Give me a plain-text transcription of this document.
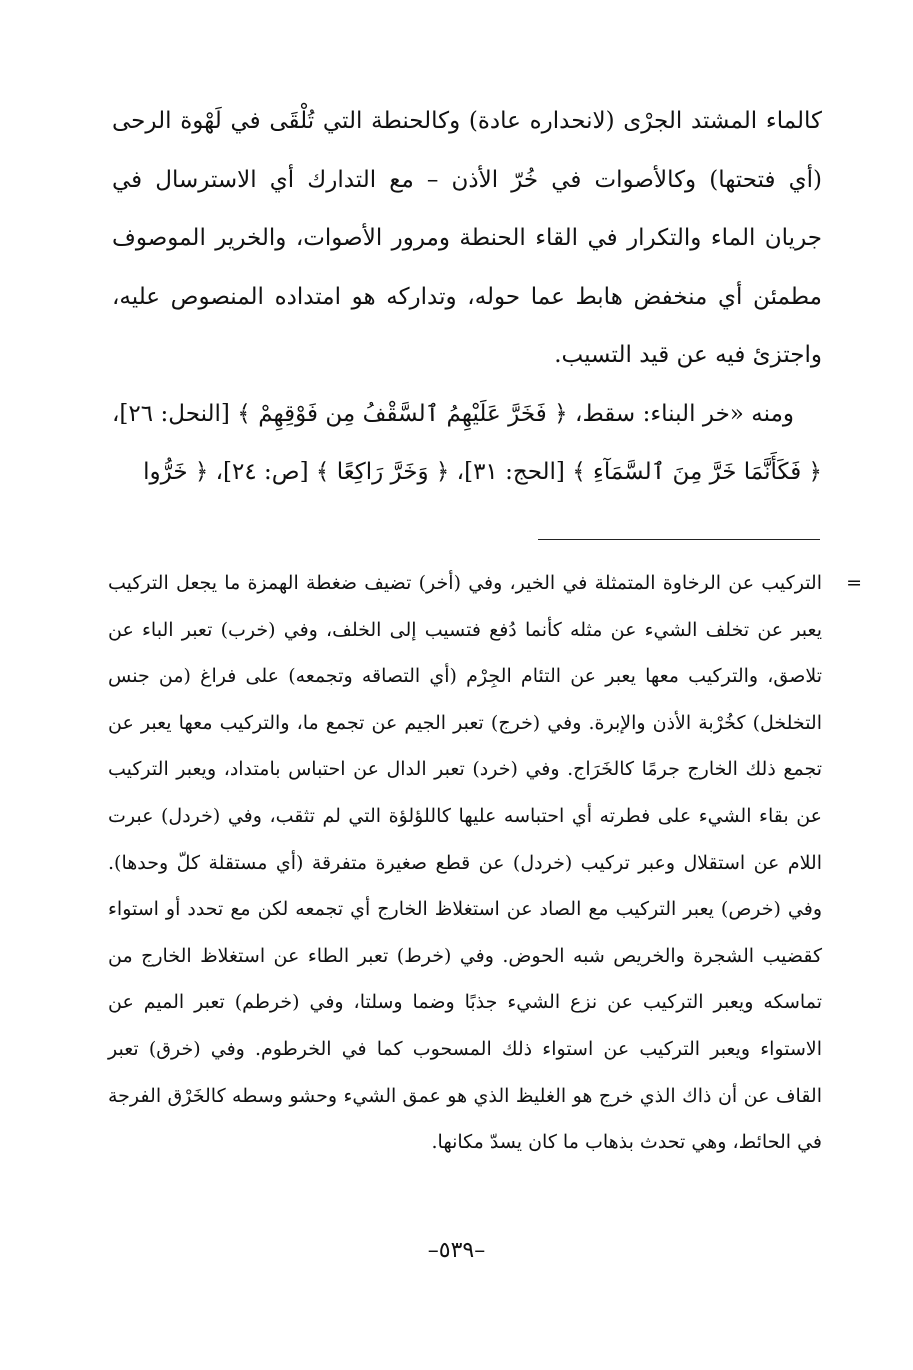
كالماء المشتد الجرْى (لانحداره عادة) وكالحنطة التي تُلْقَى في لَهْوة الرحى (أي فتحتها) وكالأصوات في خُرّ الأذن – مع التدارك أي الاسترسال في جريان الماء والتكرار في القاء الحنطة ومرور الأصوات، والخرير الموصوف مطمئن أي منخفض هابط عما حوله، وتداركه هو امتداده المنصوص عليه، واجتزئ فيه عن قيد التسيب.

ومنه «خر البناء: سقط، ﴿ فَخَرَّ عَلَيْهِمُ ٱلسَّقْفُ مِن فَوْقِهِمْ ﴾ [النحل: ٢٦]، ﴿ فَكَأَنَّمَا خَرَّ مِنَ ٱلسَّمَآءِ ﴾ [الحج: ٣١]، ﴿ وَخَرَّ رَاكِعًا ﴾ [ص: ٢٤]، ﴿ خَرُّوا

=
التركيب عن الرخاوة المتمثلة في الخير، وفي (أخر) تضيف ضغطة الهمزة ما يجعل التركيب يعبر عن تخلف الشيء عن مثله كأنما دُفع فتسيب إلى الخلف، وفي (خرب) تعبر الباء عن تلاصق، والتركيب معها يعبر عن التئام الجِرْم (أي التصاقه وتجمعه) على فراغ (من جنس التخلخل) كخُرْبة الأذن والإبرة. وفي (خرج) تعبر الجيم عن تجمع ما، والتركيب معها يعبر عن تجمع ذلك الخارج جرمًا كالخَرَاج. وفي (خرد) تعبر الدال عن احتباس بامتداد، ويعبر التركيب عن بقاء الشيء على فطرته أي احتباسه عليها كاللؤلؤة التي لم تثقب، وفي (خردل) عبرت اللام عن استقلال وعبر تركيب (خردل) عن قطع صغيرة متفرقة (أي مستقلة كلّ وحدها). وفي (خرص) يعبر التركيب مع الصاد عن استغلاظ الخارج أي تجمعه لكن مع تحدد أو استواء كقضيب الشجرة والخريص شبه الحوض. وفي (خرط) تعبر الطاء عن استغلاظ الخارج من تماسكه ويعبر التركيب عن نزع الشيء جذبًا وضما وسلتا، وفي (خرطم) تعبر الميم عن الاستواء ويعبر التركيب عن استواء ذلك المسحوب كما في الخرطوم. وفي (خرق) تعبر القاف عن أن ذاك الذي خرج هو الغليظ الذي هو عمق الشيء وحشو وسطه كالخَرْق الفرجة في الحائط، وهي تحدث بذهاب ما كان يسدّ مكانها.
–٥٣٩–
